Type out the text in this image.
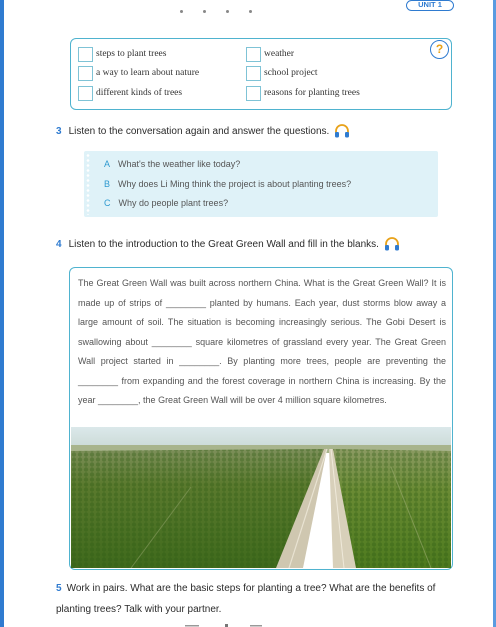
UNIT 1
steps to plant trees	weather
a way to learn about nature	school project
different kinds of trees	reasons for planting trees
?
3 Listen to the conversation again and answer the questions.
A What's the weather like today?
B Why does Li Ming think the project is about planting trees?
C Why do people plant trees?
4 Listen to the introduction to the Great Green Wall and fill in the blanks.
The Great Green Wall was built across northern China. What is the Great Green Wall? It is made up of strips of ________ planted by humans. Each year, dust storms blow away a large amount of soil. The situation is becoming increasingly serious. The Gobi Desert is swallowing about ________ square kilometres of grassland every year. The Great Green Wall project started in ________. By planting more trees, people are preventing the ________ from expanding and the forest coverage in northern China is increasing. By the year ________, the Great Green Wall will be over 4 million square kilometres.
5 Work in pairs. What are the basic steps for planting a tree? What are the benefits of planting trees? Talk with your partner.
